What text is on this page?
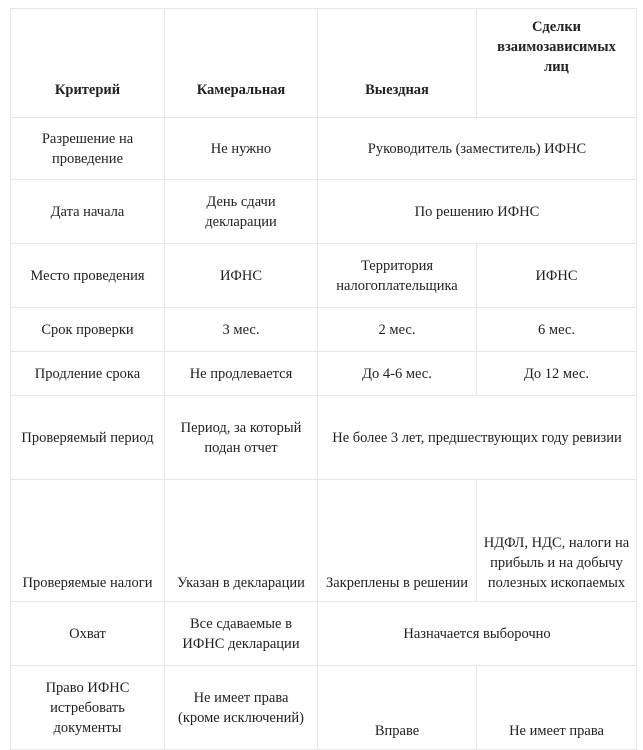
Критерий	Камеральная	Выездная	Сделки взаимозависимых лиц
Разрешение на проведение	Не нужно	Руководитель (заместитель) ИФНС	
Дата начала	День сдачи декларации	По решению ИФНС	
Место проведения	ИФНС	Территория налогоплательщика	ИФНС
Срок проверки	3 мес.	2 мес.	6 мес.
Продление срока	Не продлевается	До 4-6 мес.	До 12 мес.
Проверяемый период	Период, за который подан отчет	Не более 3 лет, предшествующих году ревизии	
Проверяемые налоги	Указан в декларации	Закреплены в решении	НДФЛ, НДС, налоги на прибыль и на добычу полезных ископаемых
Охват	Все сдаваемые в ИФНС декларации	Назначается выборочно	
Право ИФНС истребовать документы	Не имеет права (кроме исключений)	Вправе	Не имеет права
